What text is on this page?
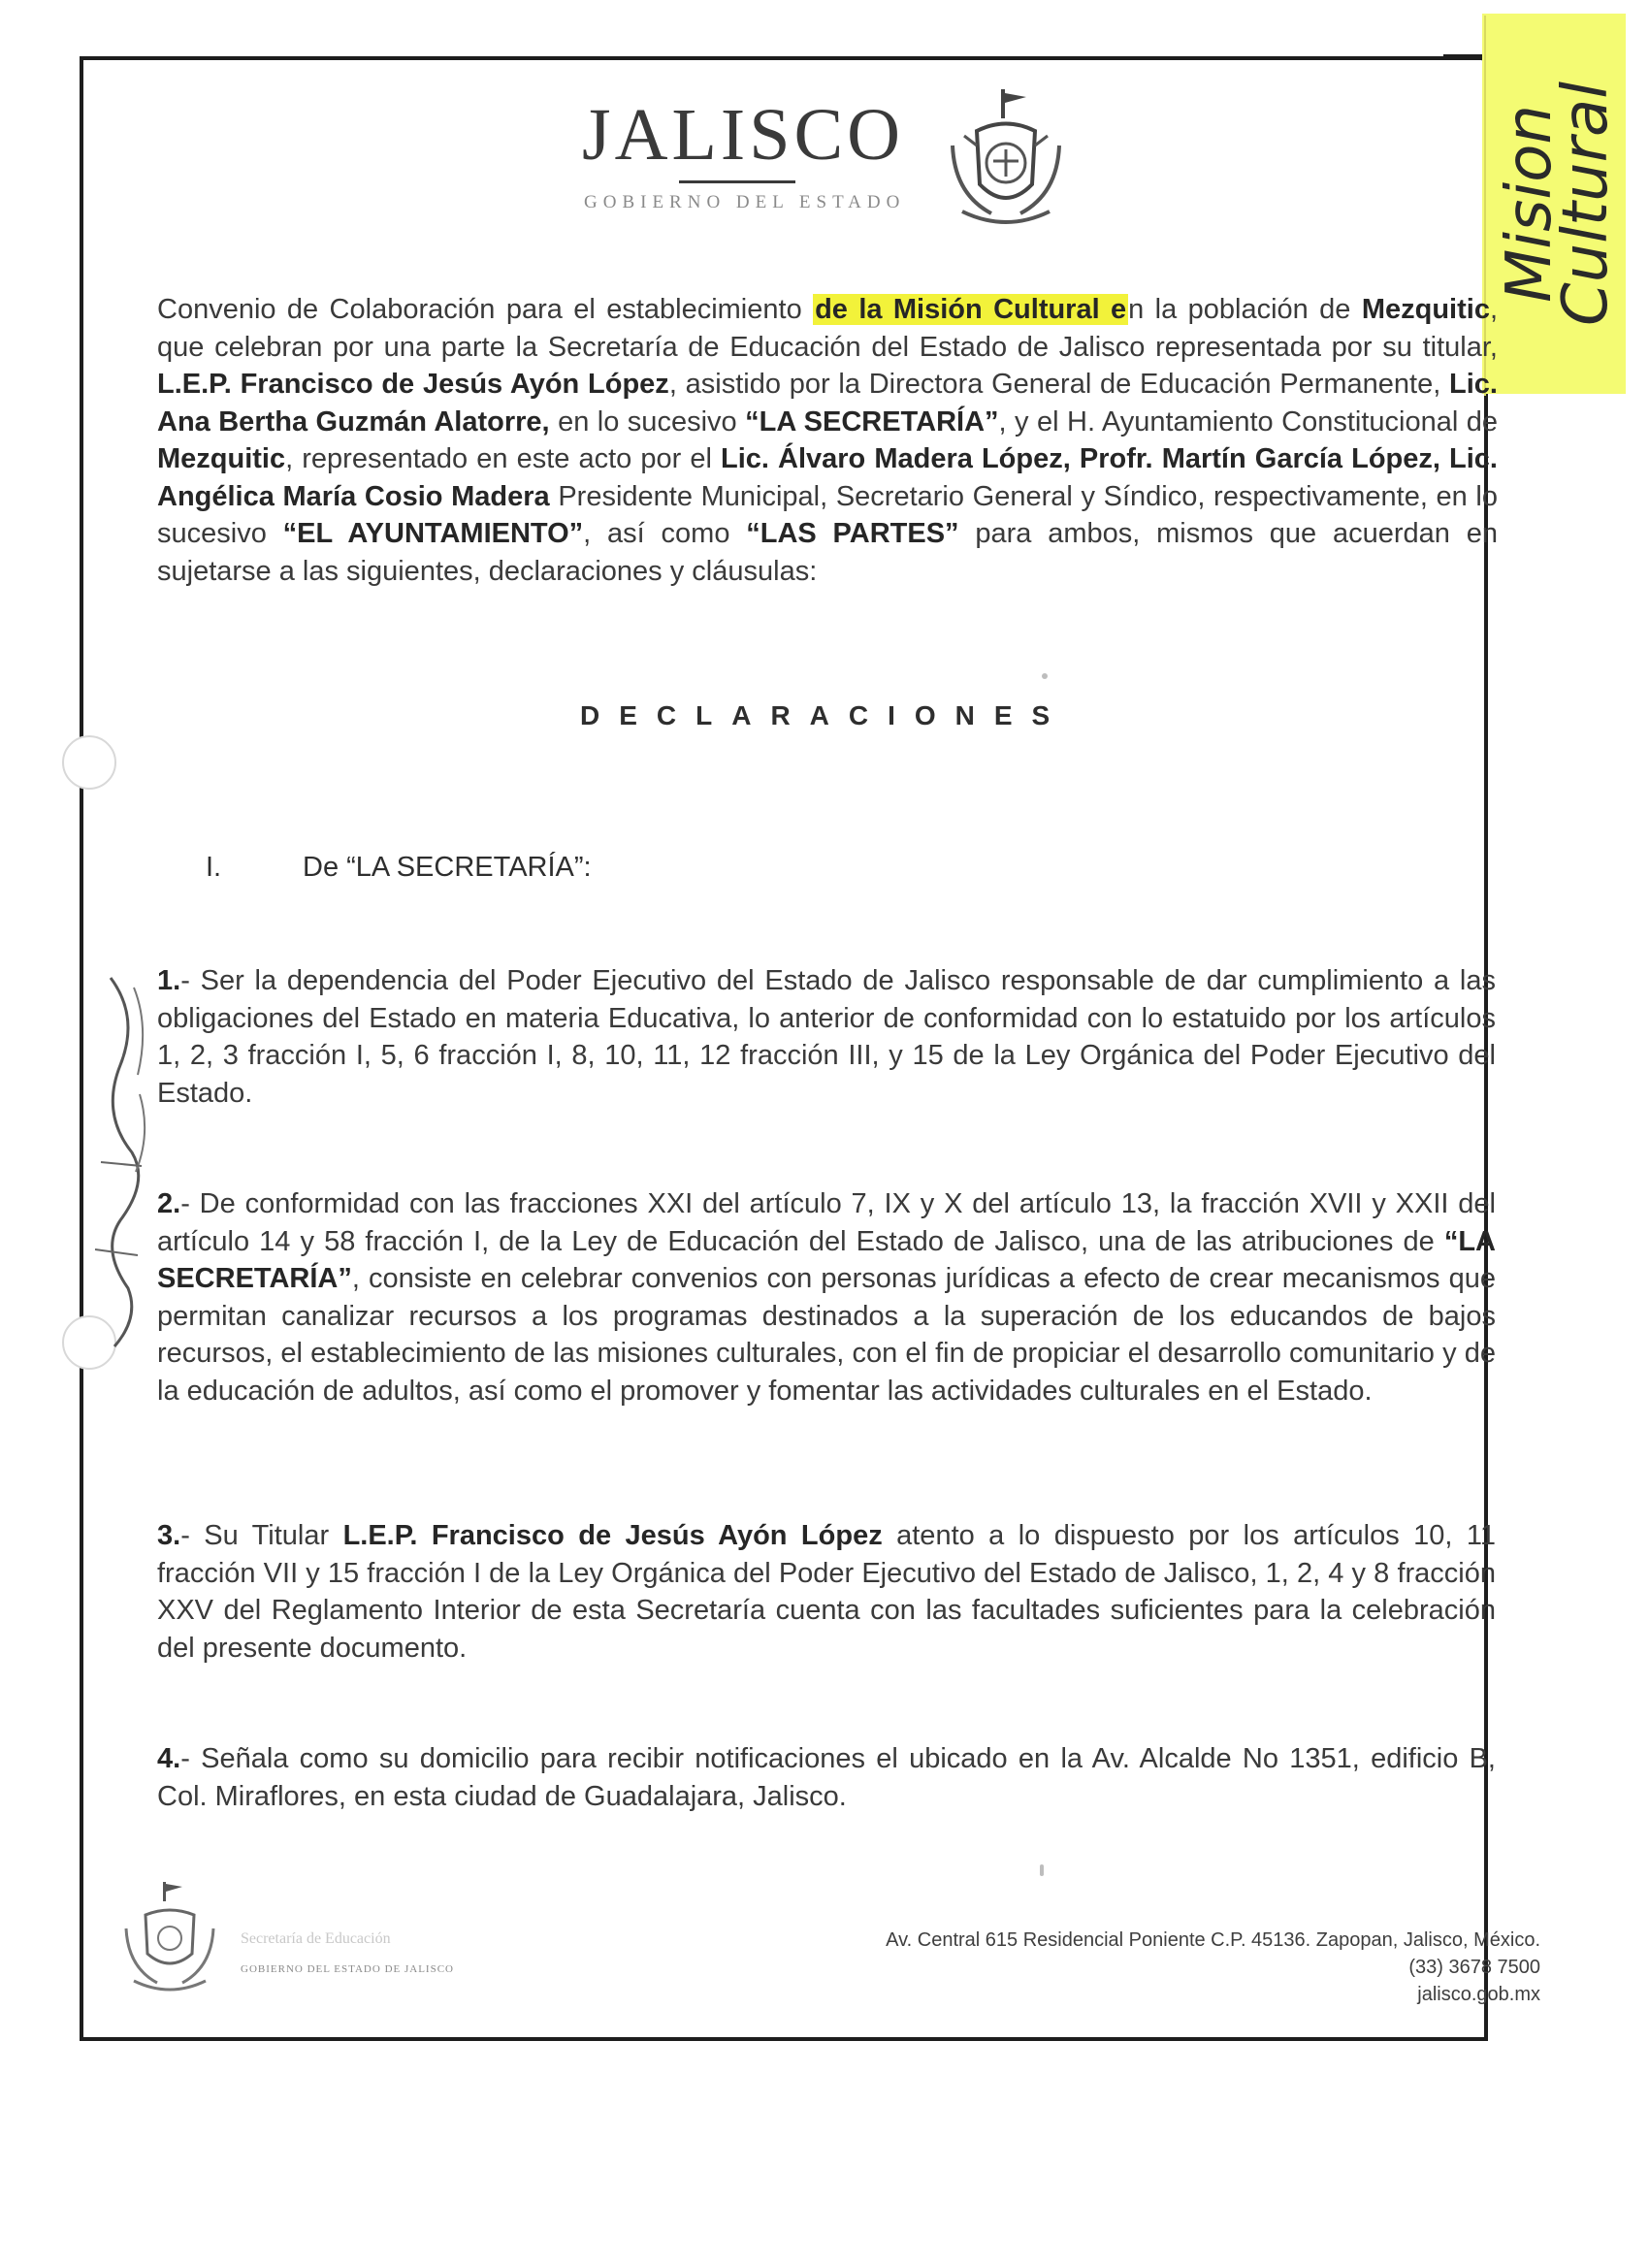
JALISCO
GOBIERNO DEL ESTADO	Mision
Cultural
Convenio de Colaboración para el establecimiento de la Misión Cultural en la población de Mezquitic, que celebran por una parte la Secretaría de Educación del Estado de Jalisco representada por su titular, L.E.P. Francisco de Jesús Ayón López, asistido por la Directora General de Educación Permanente, Lic. Ana Bertha Guzmán Alatorre, en lo sucesivo “LA SECRETARÍA”, y el H. Ayuntamiento Constitucional de Mezquitic, representado en este acto por el Lic. Álvaro Madera López, Profr. Martín García López, Lic. Angélica María Cosio Madera Presidente Municipal, Secretario General y Síndico, respectivamente, en lo sucesivo “EL AYUNTAMIENTO”, así como “LAS PARTES” para ambos, mismos que acuerdan en sujetarse a las siguientes, declaraciones y cláusulas:
DECLARACIONES
I.	De “LA SECRETARÍA”:
1.- Ser la dependencia del Poder Ejecutivo del Estado de Jalisco responsable de dar cumplimiento a las obligaciones del Estado en materia Educativa, lo anterior de conformidad con lo estatuido por los artículos 1, 2, 3 fracción I, 5, 6 fracción I, 8, 10, 11, 12 fracción III, y 15 de la Ley Orgánica del Poder Ejecutivo del Estado.
2.- De conformidad con las fracciones XXI del artículo 7, IX y X del artículo 13, la fracción XVII y XXII del artículo 14 y 58 fracción I, de la Ley de Educación del Estado de Jalisco, una de las atribuciones de “LA SECRETARÍA”, consiste en celebrar convenios con personas jurídicas a efecto de crear mecanismos que permitan canalizar recursos a los programas destinados a la superación de los educandos de bajos recursos, el establecimiento de las misiones culturales, con el fin de propiciar el desarrollo comunitario y de la educación de adultos, así como el promover y fomentar las actividades culturales en el Estado.
3.- Su Titular L.E.P. Francisco de Jesús Ayón López atento a lo dispuesto por los artículos 10, 11 fracción VII y 15 fracción I de la Ley Orgánica del Poder Ejecutivo del Estado de Jalisco, 1, 2, 4 y 8 fracción XXV del Reglamento Interior de esta Secretaría cuenta con las facultades suficientes para la celebración del presente documento.
4.- Señala como su domicilio para recibir notificaciones el ubicado en la Av. Alcalde No 1351, edificio B, Col. Miraflores, en esta ciudad de Guadalajara, Jalisco.
Secretaría de Educación
GOBIERNO DEL ESTADO DE JALISCO
Av. Central 615 Residencial Poniente C.P. 45136. Zapopan, Jalisco, México.
(33) 3678 7500
jalisco.gob.mx
